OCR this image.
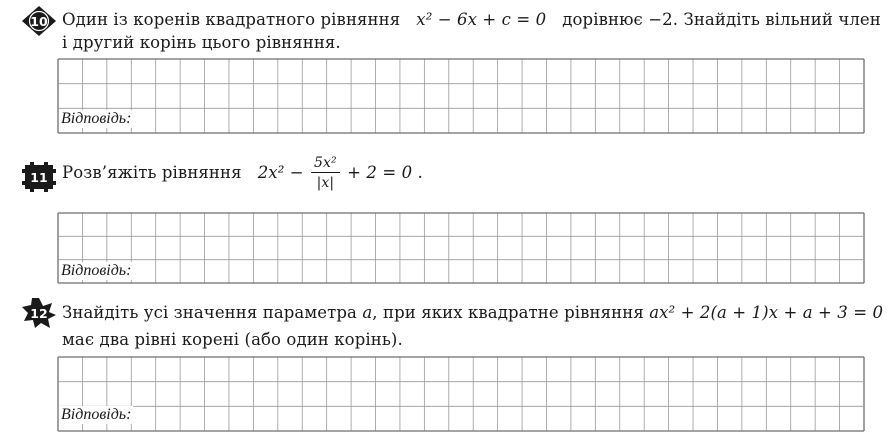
10 Один із коренів квадратного рівняння x² − 6x + c = 0 дорівнює −2. Знайдіть вільний член
і другий корінь цього рівняння.
Відповідь:
11 Розв’яжіть рівняння $2x^2 - \frac{\text{5x²}}{|x|} + 2 = 0$ .
Відповідь:
12 Знайдіть усі значення параметра a, при яких квадратне рівняння ax² + 2(a + 1)x + a + 3 = 0
має два рівні корені (або один корінь).
Відповідь:
